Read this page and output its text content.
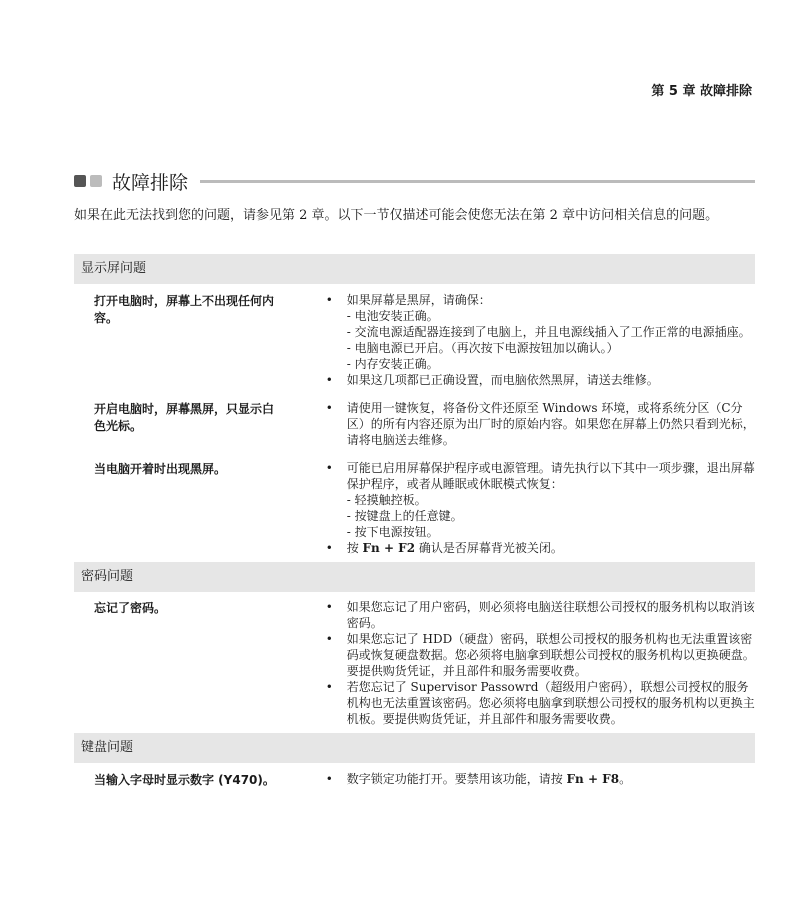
第 5 章 故障排除
故障排除
如果在此无法找到您的问题，请参见第 2 章。以下一节仅描述可能会使您无法在第 2 章中访问相关信息的问题。
显示屏问题
打开电脑时，屏幕上不出现任何内容。
• 如果屏幕是黑屏，请确保：
- 电池安装正确。
- 交流电源适配器连接到了电脑上，并且电源线插入了工作正常的电源插座。
- 电脑电源已开启。（再次按下电源按钮加以确认。）
- 内存安装正确。
• 如果这几项都已正确设置，而电脑依然黑屏，请送去维修。
开启电脑时，屏幕黑屏，只显示白色光标。
• 请使用一键恢复，将备份文件还原至 Windows 环境，或将系统分区（C分区）的所有内容还原为出厂时的原始内容。如果您在屏幕上仍然只看到光标，请将电脑送去维修。
当电脑开着时出现黑屏。	• 可能已启用屏幕保护程序或电源管理。请先执行以下其中一项步骤，退出屏幕保护程序，或者从睡眠或休眠模式恢复：
- 轻摸触控板。
- 按键盘上的任意键。
- 按下电源按钮。
• 按 Fn + F2 确认是否屏幕背光被关闭。
密码问题
忘记了密码。	• 如果您忘记了用户密码，则必须将电脑送往联想公司授权的服务机构以取消该密码。
• 如果您忘记了 HDD（硬盘）密码，联想公司授权的服务机构也无法重置该密码或恢复硬盘数据。您必须将电脑拿到联想公司授权的服务机构以更换硬盘。要提供购货凭证，并且部件和服务需要收费。
• 若您忘记了 Supervisor Passowrd（超级用户密码），联想公司授权的服务机构也无法重置该密码。您必须将电脑拿到联想公司授权的服务机构以更换主机板。要提供购货凭证，并且部件和服务需要收费。
键盘问题
当输入字母时显示数字 (Y470)。	• 数字锁定功能打开。要禁用该功能，请按 Fn + F8。
